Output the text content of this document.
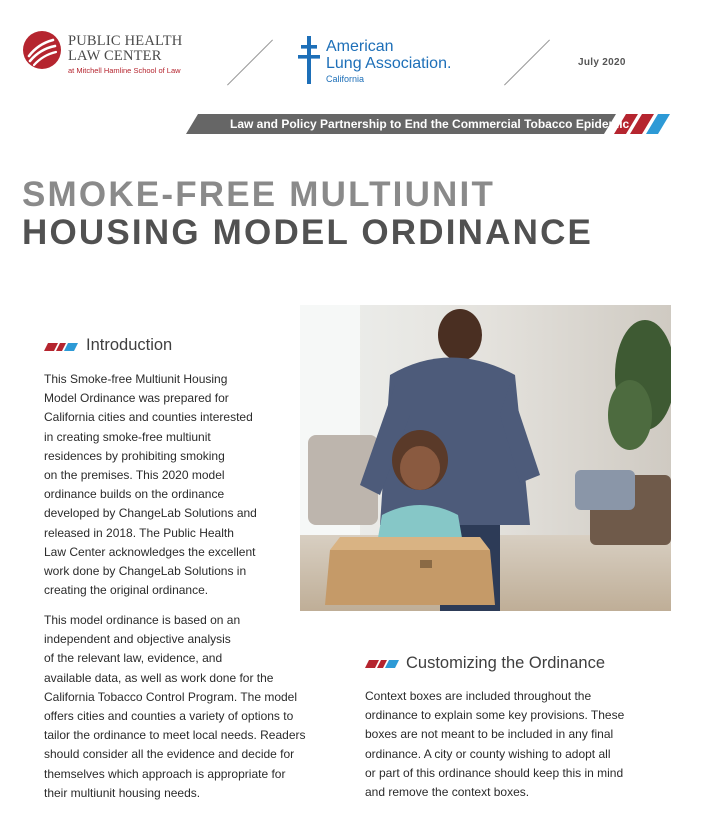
PUBLIC HEALTH
LAW CENTER
at Mitchell Hamline School of Law
American
Lung Association.
California
July 2020
Law and Policy Partnership to End the Commercial Tobacco Epidemic
SMOKE-FREE MULTIUNIT
HOUSING MODEL ORDINANCE
Introduction
This Smoke-free Multiunit Housing
Model Ordinance was prepared for
California cities and counties interested
in creating smoke-free multiunit
residences by prohibiting smoking
on the premises. This 2020 model
ordinance builds on the ordinance
developed by ChangeLab Solutions and
released in 2018. The Public Health
Law Center acknowledges the excellent
work done by ChangeLab Solutions in
creating the original ordinance.
This model ordinance is based on an
independent and objective analysis
of the relevant law, evidence, and
available data, as well as work done for the
California Tobacco Control Program. The model
offers cities and counties a variety of options to
tailor the ordinance to meet local needs. Readers
should consider all the evidence and decide for
themselves which approach is appropriate for
their multiunit housing needs.
Customizing the Ordinance
Context boxes are included throughout the
ordinance to explain some key provisions. These
boxes are not meant to be included in any final
ordinance. A city or county wishing to adopt all
or part of this ordinance should keep this in mind
and remove the context boxes.
